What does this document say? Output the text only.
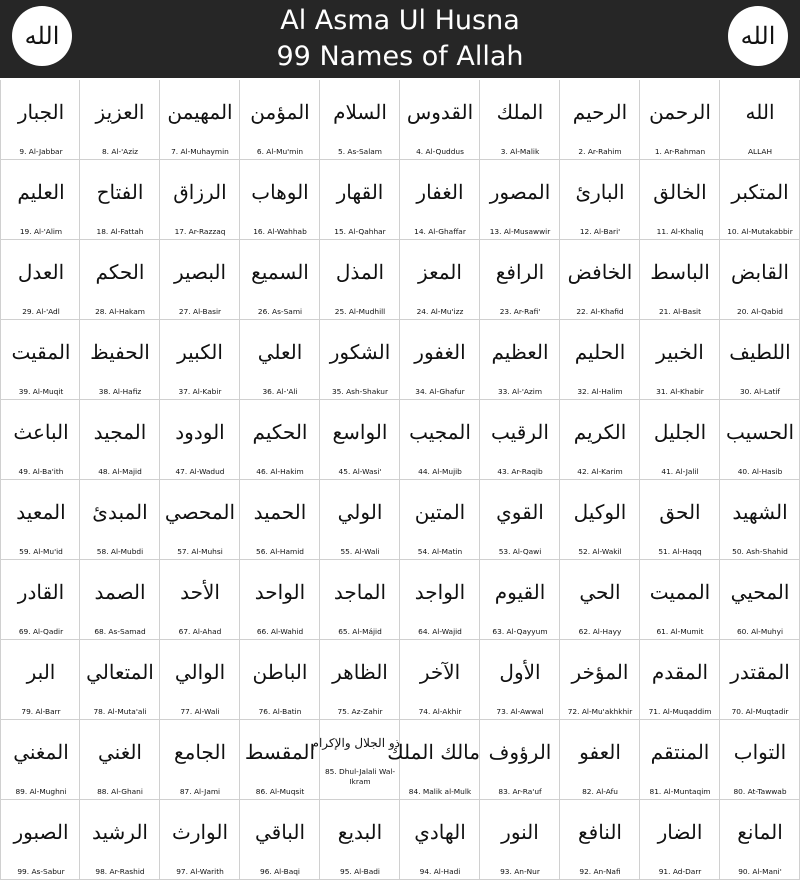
الله	Al Asma Ul Husna
99 Names of Allah
الله
الجبار
9. Al-Jabbar
العزيز
8. Al-'Aziz
المهيمن
7. Al-Muhaymin
المؤمن
6. Al-Mu'min
السلام
5. As-Salam
القدوس
4. Al-Quddus
الملك
3. Al-Malik
الرحيم
2. Ar-Rahim
الرحمن
1. Ar-Rahman
الله
ALLAH
العليم
19. Al-'Alim
الفتاح
18. Al-Fattah
الرزاق
17. Ar-Razzaq
الوهاب
16. Al-Wahhab
القهار
15. Al-Qahhar
الغفار
14. Al-Ghaffar
المصور
13. Al-Musawwir
البارئ
12. Al-Bari'
الخالق
11. Al-Khaliq
المتكبر
10. Al-Mutakabbir
العدل
29. Al-'Adl
الحكم
28. Al-Hakam
البصير
27. Al-Basir
السميع
26. As-Sami
المذل
25. Al-Mudhill
المعز
24. Al-Mu'izz
الرافع
23. Ar-Rafi'
الخافض
22. Al-Khafid
الباسط
21. Al-Basit
القابض
20. Al-Qabid
المقيت
39. Al-Muqit
الحفيظ
38. Al-Hafiz
الكبير
37. Al-Kabir
العلي
36. Al-'Ali
الشكور
35. Ash-Shakur
الغفور
34. Al-Ghafur
العظيم
33. Al-'Azim
الحليم
32. Al-Halim
الخبير
31. Al-Khabir
اللطيف
30. Al-Latif
الباعث
49. Al-Ba'ith
المجيد
48. Al-Majid
الودود
47. Al-Wadud
الحكيم
46. Al-Hakim
الواسع
45. Al-Wasi'
المجيب
44. Al-Mujib
الرقيب
43. Ar-Raqib
الكريم
42. Al-Karim
الجليل
41. Al-Jalil
الحسيب
40. Al-Hasib
المعيد
59. Al-Mu'id
المبدئ
58. Al-Mubdi
المحصي
57. Al-Muhsi
الحميد
56. Al-Hamid
الولي
55. Al-Wali
المتين
54. Al-Matin
القوي
53. Al-Qawi
الوكيل
52. Al-Wakil
الحق
51. Al-Haqq
الشهيد
50. Ash-Shahid
القادر
69. Al-Qadir
الصمد
68. As-Samad
الأحد
67. Al-Ahad
الواحد
66. Al-Wahid
الماجد
65. Al-Májid
الواجد
64. Al-Wajid
القيوم
63. Al-Qayyum
الحي
62. Al-Hayy
المميت
61. Al-Mumit
المحيي
60. Al-Muhyi
البر
79. Al-Barr
المتعالي
78. Al-Muta'ali
الوالي
77. Al-Wali
الباطن
76. Al-Batin
الظاهر
75. Az-Zahir
الآخر
74. Al-Akhir
الأول
73. Al-Awwal
المؤخر
72. Al-Mu'akhkhir
المقدم
71. Al-Muqaddim
المقتدر
70. Al-Muqtadir
المغني
89. Al-Mughni
الغني
88. Al-Ghani
الجامع
87. Al-Jami
المقسط
86. Al-Muqsit
ذو الجلال والإكرام
85. Dhul-Jalali Wal-Ikram
مالك الملك
84. Malik al-Mulk
الرؤوف
83. Ar-Ra'uf
العفو
82. Al-Afu
المنتقم
81. Al-Muntaqim
التواب
80. At-Tawwab
الصبور
99. As-Sabur
الرشيد
98. Ar-Rashid
الوارث
97. Al-Warith
الباقي
96. Al-Baqi
البديع
95. Al-Badi
الهادي
94. Al-Hadi
النور
93. An-Nur
النافع
92. An-Nafi
الضار
91. Ad-Darr
المانع
90. Al-Mani'
